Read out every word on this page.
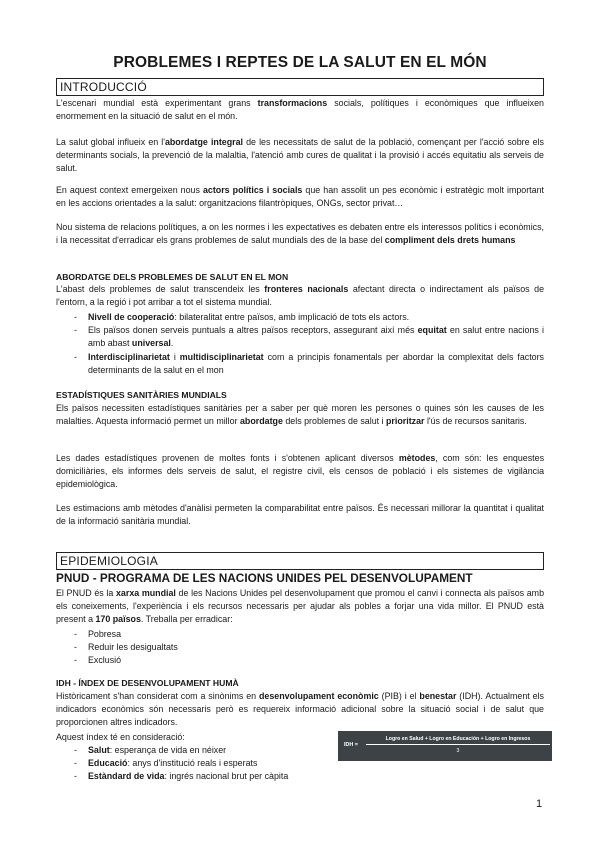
PROBLEMES I REPTES DE LA SALUT EN EL MÓN
INTRODUCCIÓ

L'escenari mundial està experimentant grans transformacions socials, polítiques i econòmiques que influeixen enormement en la situació de salut en el món.

La salut global influeix en l'abordatge integral de les necessitats de salut de la població, començant per l'acció sobre els determinants socials, la prevenció de la malaltia, l'atenció amb cures de qualitat i la provisió i accés equitatiu als serveis de salut.

En aquest context emergeixen nous actors polítics i socials que han assolit un pes econòmic i estratègic molt important en les accions orientades a la salut: organitzacions filantròpiques, ONGs, sector privat…

Nou sistema de relacions polítiques, a on les normes i les expectatives es debaten entre els interessos polítics i econòmics, i la necessitat d'erradicar els grans problemes de salut mundials des de la base del compliment dels drets humans

ABORDATGE DELS PROBLEMES DE SALUT EN EL MON

L'abast dels problemes de salut transcendeix les fronteres nacionals afectant directa o indirectament als països de l'entorn, a la regió i pot arribar a tot el sistema mundial.

- Nivell de cooperació: bilateralitat entre països, amb implicació de tots els actors.
- Els països donen serveis puntuals a altres països receptors, assegurant així més equitat en salut entre nacions i amb abast universal.
- Interdisciplinarietat i multidisciplinarietat com a principis fonamentals per abordar la complexitat dels factors determinants de la salut en el mon

ESTADÍSTIQUES SANITÀRIES MUNDIALS

Els països necessiten estadístiques sanitàries per a saber per què moren les persones o quines són les causes de les malalties. Aquesta informació permet un millor abordatge dels problemes de salut i prioritzar l'ús de recursos sanitaris.

Les dades estadístiques provenen de moltes fonts i s'obtenen aplicant diversos mètodes, com són: les enquestes domiciliàries, els informes dels serveis de salut, el registre civil, els censos de població i els sistemes de vigilància epidemiològica.

Les estimacions amb mètodes d'anàlisi permeten la comparabilitat entre països. És necessari millorar la quantitat i qualitat de la informació sanitària mundial.

EPIDEMIOLOGIA

PNUD - PROGRAMA DE LES NACIONS UNIDES PEL DESENVOLUPAMENT

El PNUD és la xarxa mundial de les Nacions Unides pel desenvolupament que promou el canvi i connecta als països amb els coneixements, l'experiència i els recursos necessaris per ajudar als pobles a forjar una vida millor. El PNUD està present a 170 països. Treballa per erradicar:

- Pobresa
- Reduir les desigualtats
- Exclusió

IDH - ÍNDEX DE DESENVOLUPAMENT HUMÀ

Històricament s'han considerat com a sinònims en desenvolupament econòmic (PIB) i el benestar (IDH). Actualment els indicadors econòmics són necessaris però es requereix informació adicional sobre la situació social i de salut que proporcionen altres indicadors.

Aquest índex té en consideració:

- Salut: esperança de vida en néixer
- Educació: anys d'institució reals i esperats
- Estàndard de vida: ingrés nacional brut per càpita
IDH =
Logro en Salud + Logro en Educación + Logro en Ingresos
3
1
